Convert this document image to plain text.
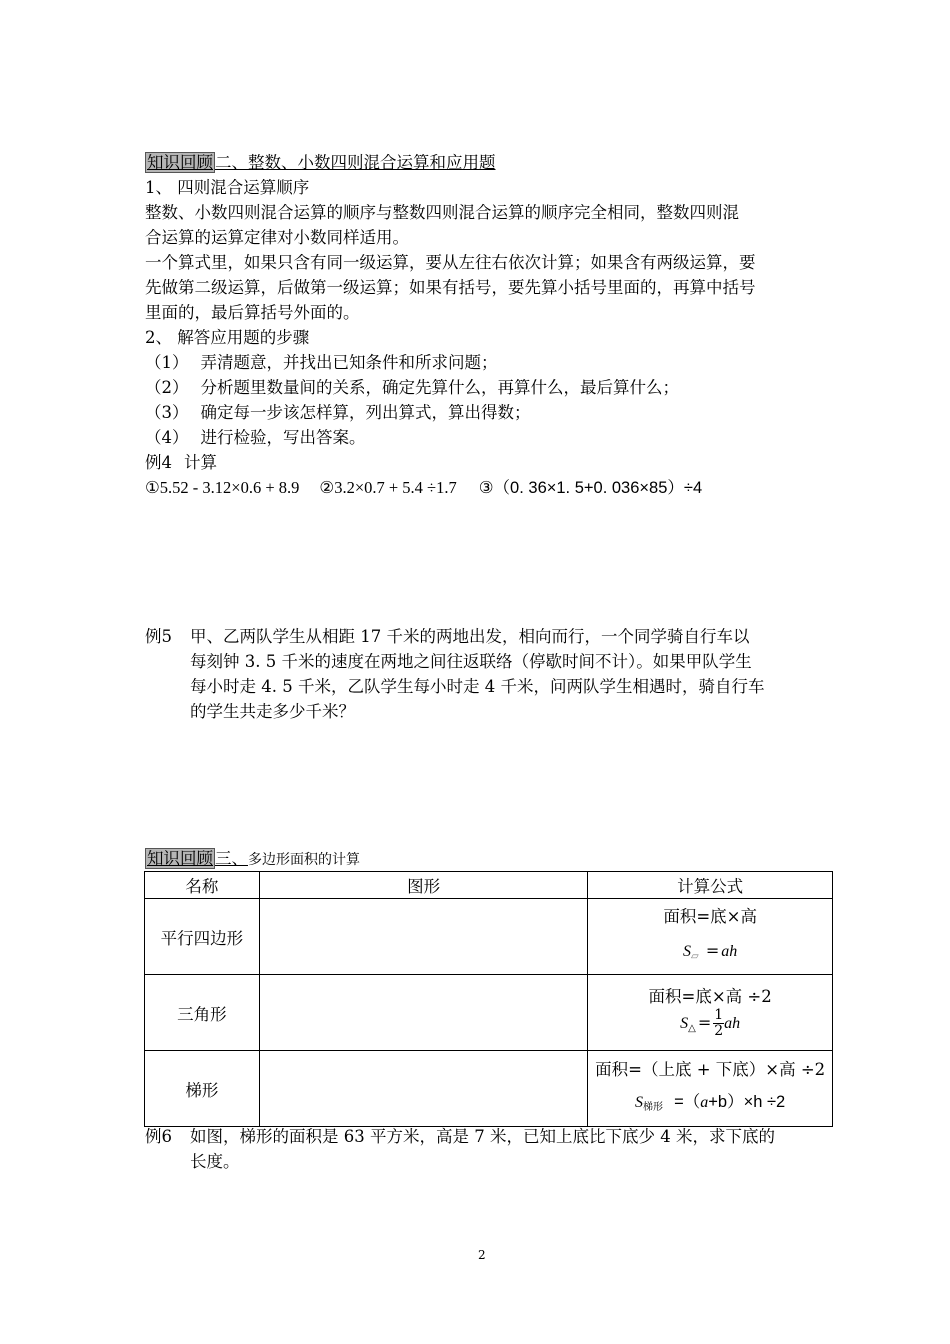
知识回顾 二、整数、小数四则混合运算和应用题
1、 四则混合运算顺序
整数、小数四则混合运算的顺序与整数四则混合运算的顺序完全相同，整数四则混
合运算的运算定律对小数同样适用。
一个算式里，如果只含有同一级运算，要从左往右依次计算；如果含有两级运算，要
先做第二级运算，后做第一级运算；如果有括号，要先算小括号里面的，再算中括号
里面的，最后算括号外面的。
2、 解答应用题的步骤
（1） 弄清题意，并找出已知条件和所求问题；
（2） 分析题里数量间的关系，确定先算什么，再算什么，最后算什么；
（3） 确定每一步该怎样算，列出算式，算出得数；
（4） 进行检验，写出答案。
例4 计算
①5.52 - 3.12×0.6 + 8.9 ②3.2×0.7 + 5.4 ÷1.7 ③（0. 36×1. 5+0. 036×85）÷4
例5 甲、乙两队学生从相距 17 千米的两地出发，相向而行，一个同学骑自行车以
每刻钟 3. 5 千米的速度在两地之间往返联络（停歇时间不计）。如果甲队学生
每小时走 4. 5 千米，乙队学生每小时走 4 千米，问两队学生相遇时，骑自行车
的学生共走多少千米？
知识回顾 三、多边形面积的计算
名称	图形	计算公式
平行四边形		面积=底×高
$S_▱$ = ah

三角形		面积=底×高 ÷2
$S_\triangle = \frac{1}{2}$ ah

梯形		面积=（上底 + 下底）×高 ÷2
$S_{梯形} =(a+b)\times h \div 2$
例6 如图，梯形的面积是 63 平方米，高是 7 米，已知上底比下底少 4 米，求下底的
长度。
2
